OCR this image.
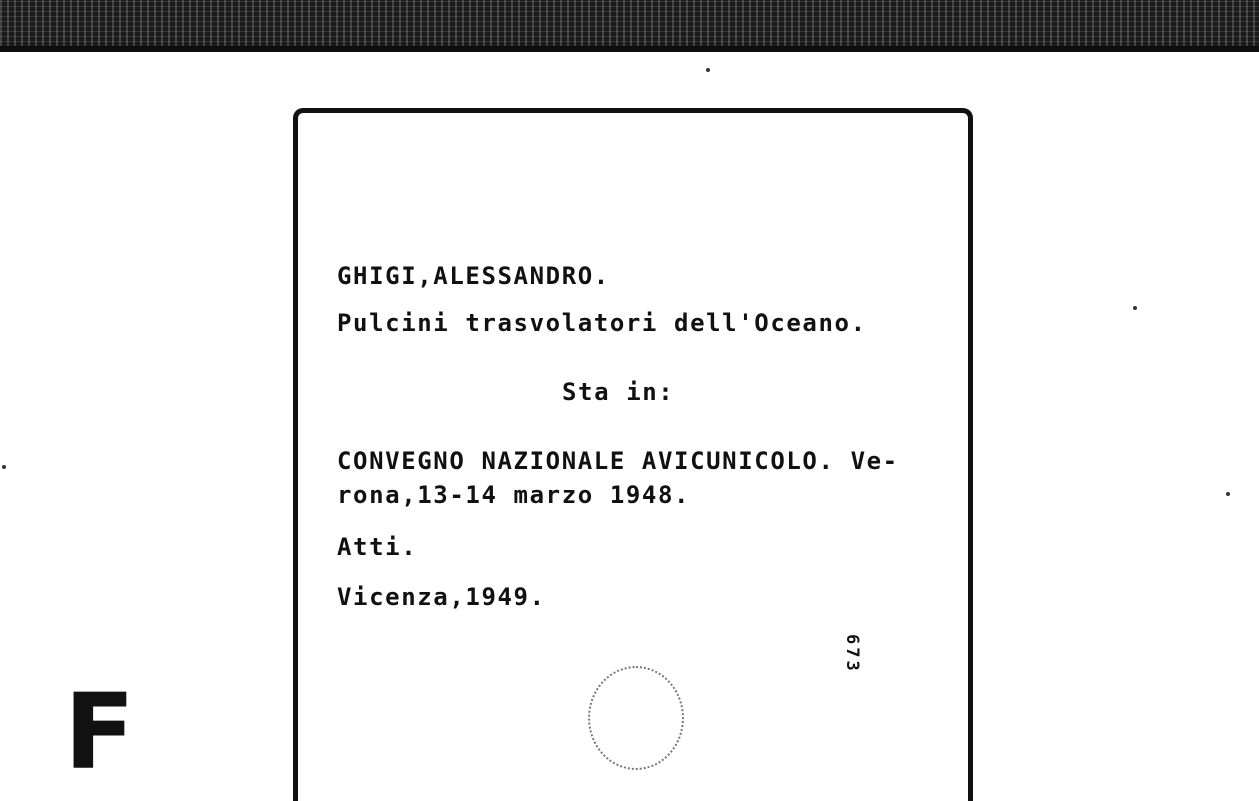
GHIGI,ALESSANDRO.
Pulcini trasvolatori dell'Oceano.
Sta in:
CONVEGNO NAZIONALE AVICUNICOLO. Ve-
rona,13-14 marzo 1948.
Atti.
Vicenza,1949.
673
F
